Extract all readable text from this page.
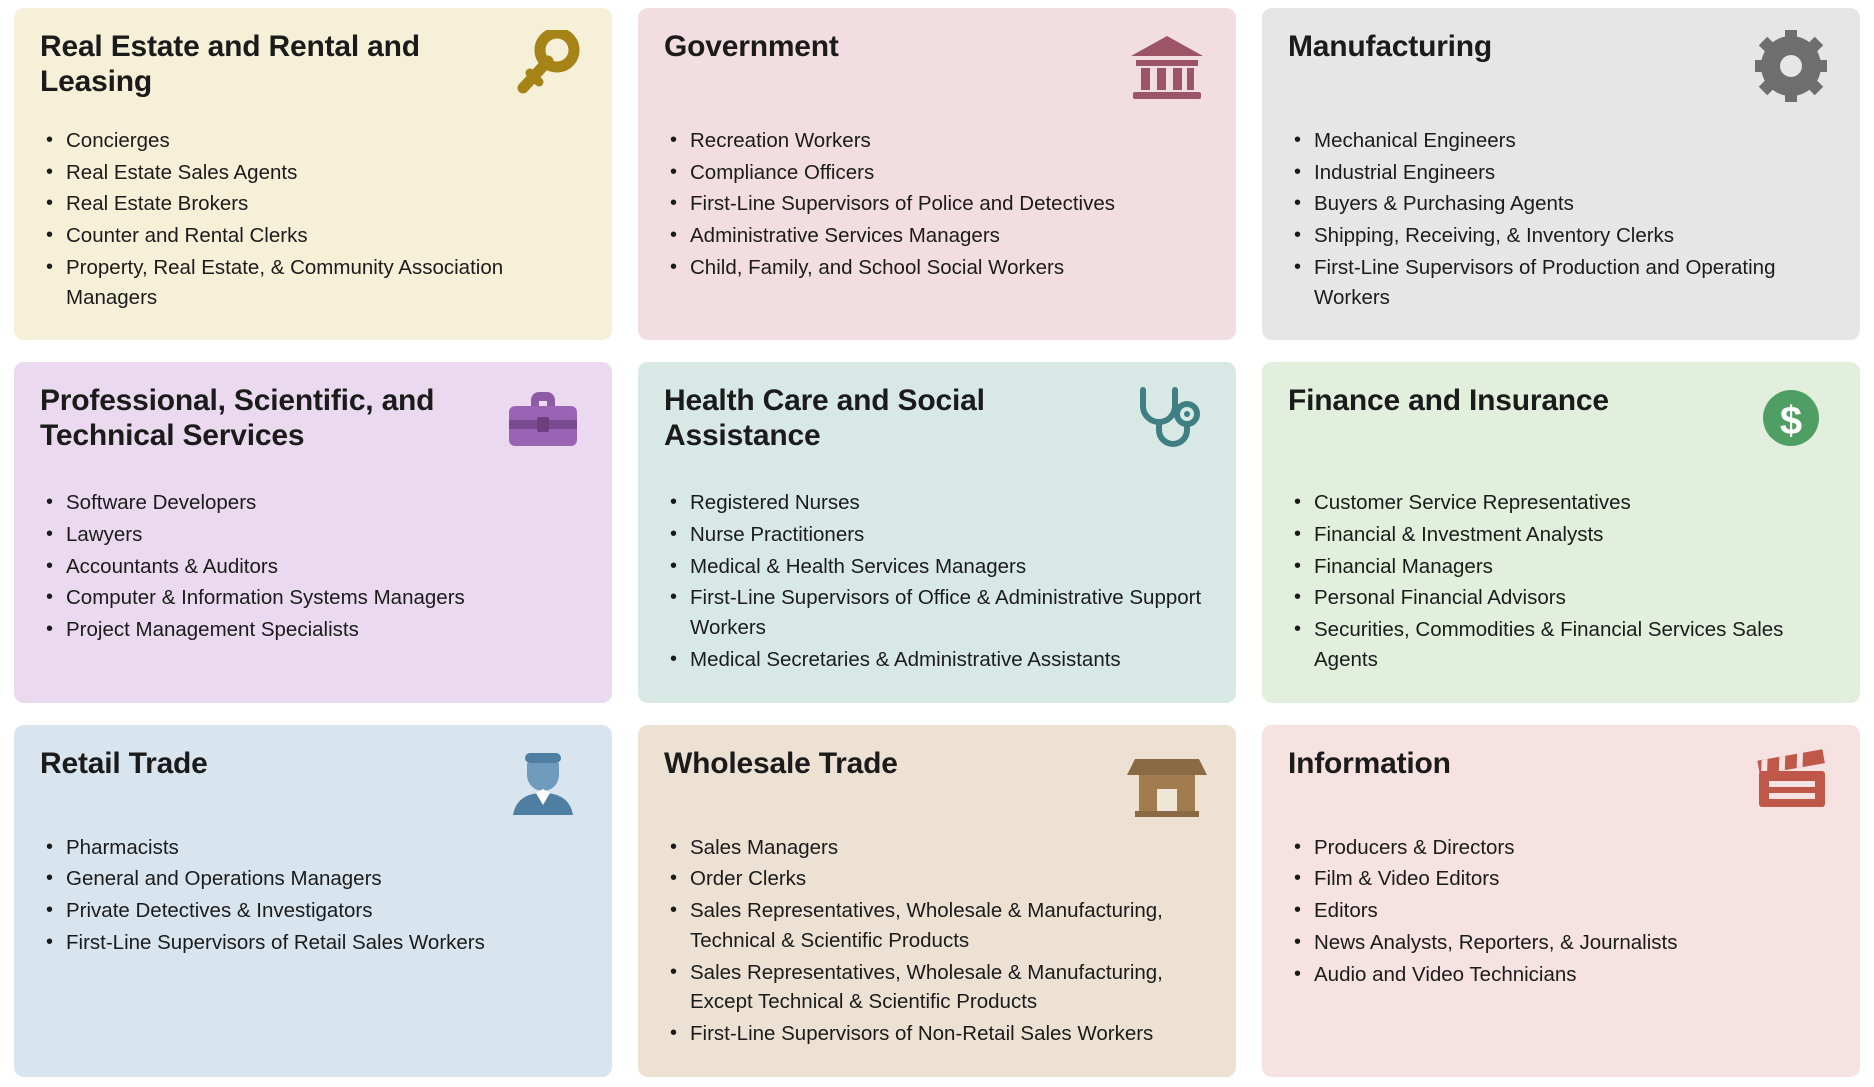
Real Estate and Rental and Leasing
• Concierges
• Real Estate Sales Agents
• Real Estate Brokers
• Counter and Rental Clerks
• Property, Real Estate, & Community Association Managers
Government
• Recreation Workers
• Compliance Officers
• First-Line Supervisors of Police and Detectives
• Administrative Services Managers
• Child, Family, and School Social Workers
Manufacturing
• Mechanical Engineers
• Industrial Engineers
• Buyers & Purchasing Agents
• Shipping, Receiving, & Inventory Clerks
• First-Line Supervisors of Production and Operating Workers
Professional, Scientific, and Technical Services
• Software Developers
• Lawyers
• Accountants & Auditors
• Computer & Information Systems Managers
• Project Management Specialists
Health Care and Social Assistance
• Registered Nurses
• Nurse Practitioners
• Medical & Health Services Managers
• First-Line Supervisors of Office & Administrative Support Workers
• Medical Secretaries & Administrative Assistants
Finance and Insurance	$
• Customer Service Representatives
• Financial & Investment Analysts
• Financial Managers
• Personal Financial Advisors
• Securities, Commodities & Financial Services Sales Agents
Retail Trade
• Pharmacists
• General and Operations Managers
• Private Detectives & Investigators
• First-Line Supervisors of Retail Sales Workers
Wholesale Trade
• Sales Managers
• Order Clerks
• Sales Representatives, Wholesale & Manufacturing, Technical & Scientific Products
• Sales Representatives, Wholesale & Manufacturing, Except Technical & Scientific Products
• First-Line Supervisors of Non-Retail Sales Workers
Information
• Producers & Directors
• Film & Video Editors
• Editors
• News Analysts, Reporters, & Journalists
• Audio and Video Technicians
